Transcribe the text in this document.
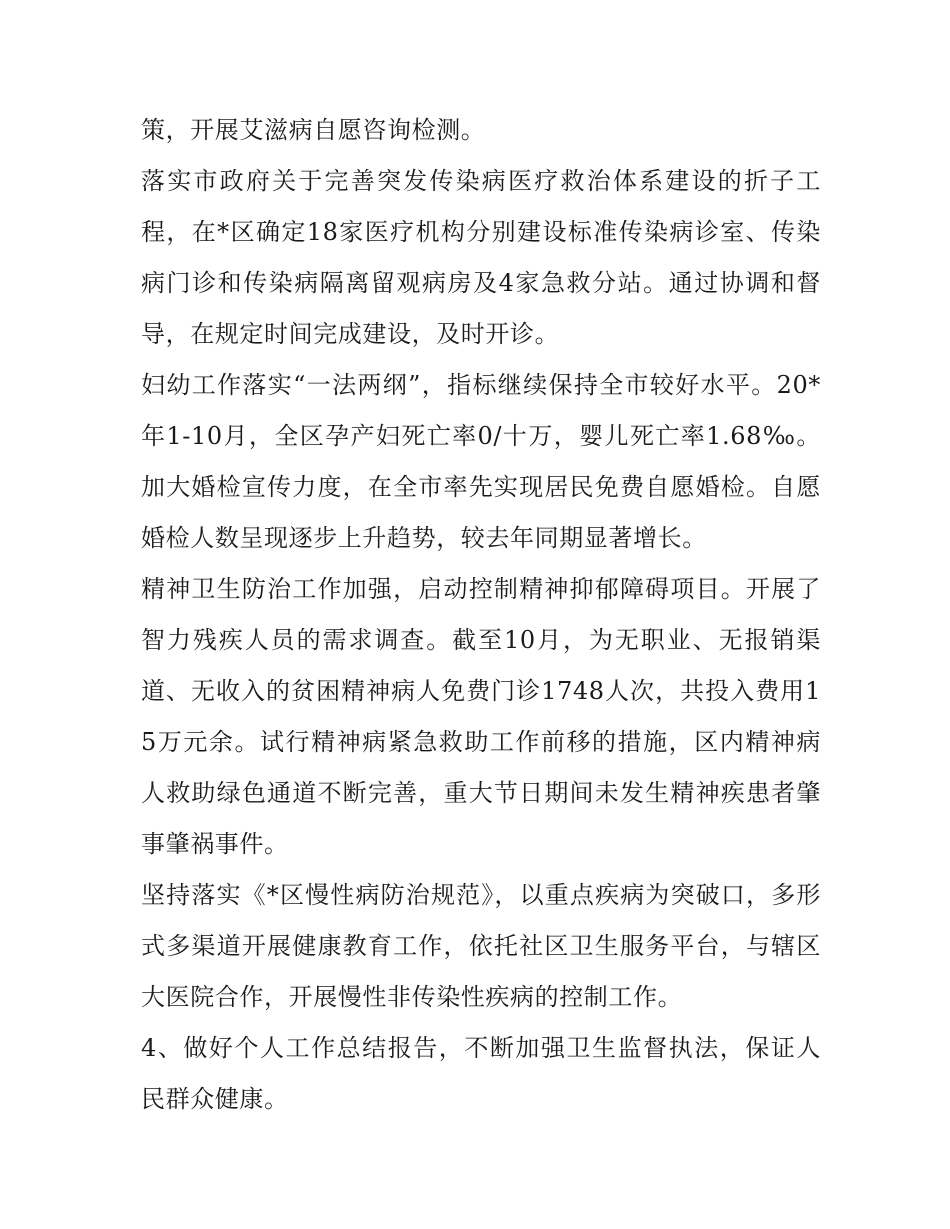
策，开展艾滋病自愿咨询检测。

落实市政府关于完善突发传染病医疗救治体系建设的折子工程，在*区确定18家医疗机构分别建设标准传染病诊室、传染病门诊和传染病隔离留观病房及4家急救分站。通过协调和督导，在规定时间完成建设，及时开诊。

妇幼工作落实“一法两纲”，指标继续保持全市较好水平。20*年1-10月，全区孕产妇死亡率0/十万，婴儿死亡率1.68‰。加大婚检宣传力度，在全市率先实现居民免费自愿婚检。自愿婚检人数呈现逐步上升趋势，较去年同期显著增长。

精神卫生防治工作加强，启动控制精神抑郁障碍项目。开展了智力残疾人员的需求调查。截至10月，为无职业、无报销渠道、无收入的贫困精神病人免费门诊1748人次，共投入费用15万元余。试行精神病紧急救助工作前移的措施，区内精神病人救助绿色通道不断完善，重大节日期间未发生精神疾患者肇事肇祸事件。

坚持落实《*区慢性病防治规范》，以重点疾病为突破口，多形式多渠道开展健康教育工作，依托社区卫生服务平台，与辖区大医院合作，开展慢性非传染性疾病的控制工作。

4、做好个人工作总结报告，不断加强卫生监督执法，保证人民群众健康。
